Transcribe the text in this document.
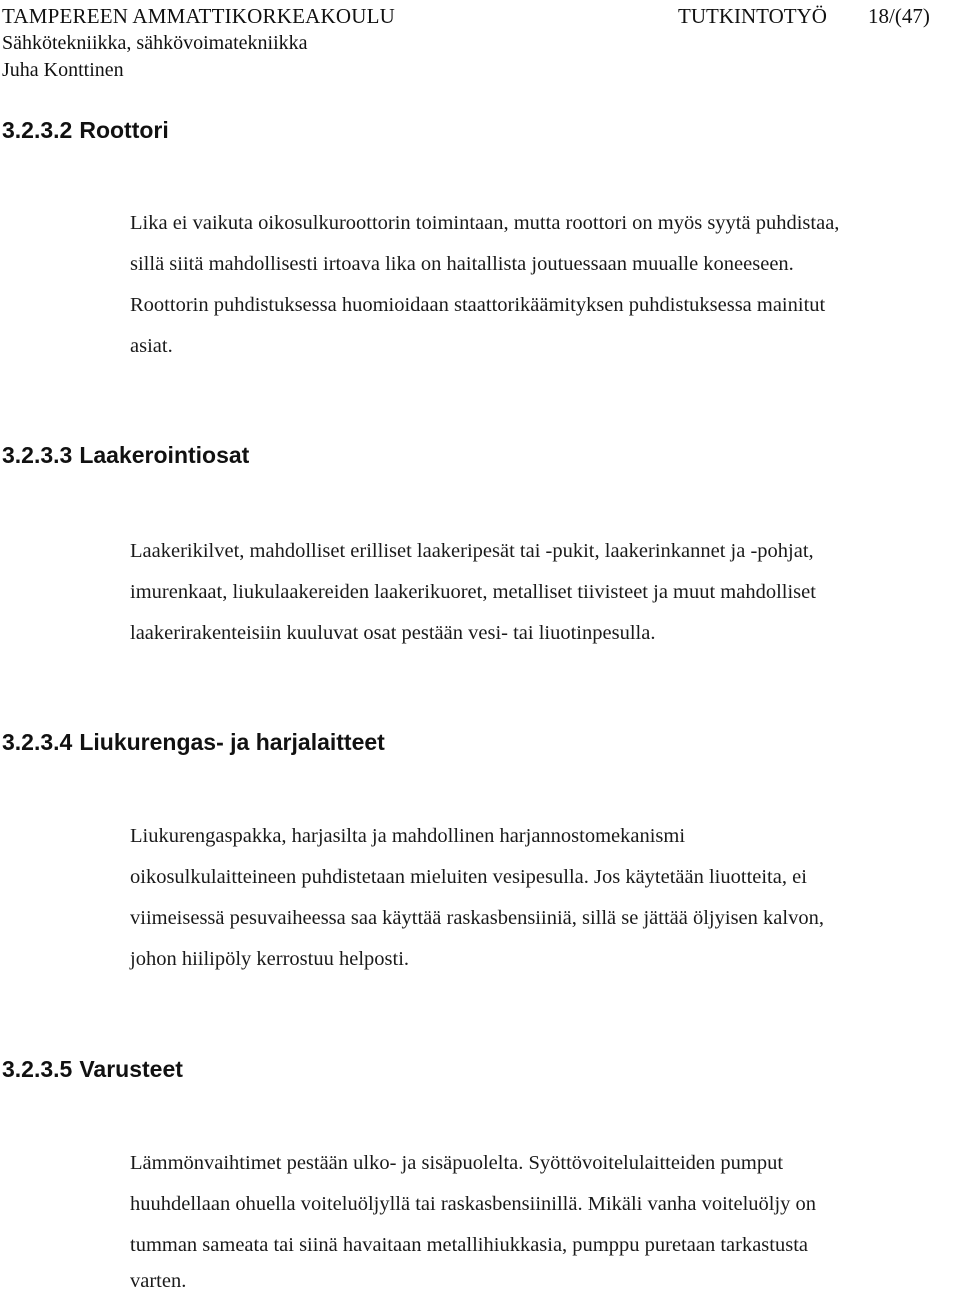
TAMPEREEN AMMATTIKORKEAKOULU	TUTKINTOTYÖ 18/(47)
Sähkötekniikka, sähkövoimatekniikka
Juha Konttinen
3.2.3.2 Roottori
Lika ei vaikuta oikosulkuroottorin toimintaan, mutta roottori on myös syytä puhdistaa,
sillä siitä mahdollisesti irtoava lika on haitallista joutuessaan muualle koneeseen.
Roottorin puhdistuksessa huomioidaan staattorikäämityksen puhdistuksessa mainitut
asiat.
3.2.3.3 Laakerointiosat
Laakerikilvet, mahdolliset erilliset laakeripesät tai -pukit, laakerinkannet ja -pohjat,
imurenkaat, liukulaakereiden laakerikuoret, metalliset tiivisteet ja muut mahdolliset
laakerirakenteisiin kuuluvat osat pestään vesi- tai liuotinpesulla.
3.2.3.4 Liukurengas- ja harjalaitteet
Liukurengaspakka, harjasilta ja mahdollinen harjannostomekanismi
oikosulkulaitteineen puhdistetaan mieluiten vesipesulla. Jos käytetään liuotteita, ei
viimeisessä pesuvaiheessa saa käyttää raskasbensiiniä, sillä se jättää öljyisen kalvon,
johon hiilipöly kerrostuu helposti.
3.2.3.5 Varusteet
Lämmönvaihtimet pestään ulko- ja sisäpuolelta. Syöttövoitelulaitteiden pumput
huuhdellaan ohuella voiteluöljyllä tai raskasbensiinillä. Mikäli vanha voiteluöljy on
tumman sameata tai siinä havaitaan metallihiukkasia, pumppu puretaan tarkastusta
varten.
